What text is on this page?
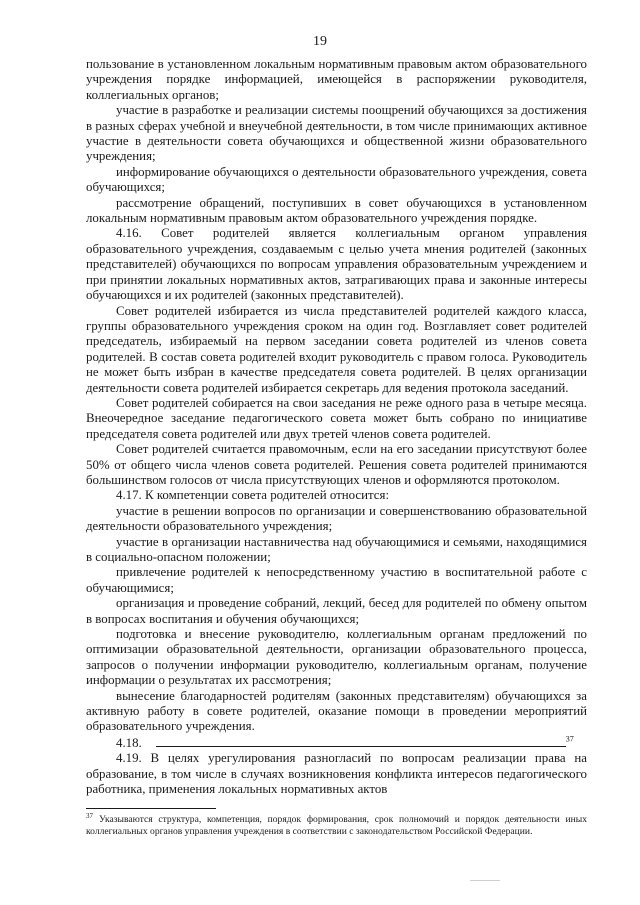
19

пользование в установленном локальным нормативным правовым актом образовательного учреждения порядке информацией, имеющейся в распоряжении руководителя, коллегиальных органов;

участие в разработке и реализации системы поощрений обучающихся за достижения в разных сферах учебной и внеучебной деятельности, в том числе принимающих активное участие в деятельности совета обучающихся и общественной жизни образовательного учреждения;

информирование обучающихся о деятельности образовательного учреждения, совета обучающихся;

рассмотрение обращений, поступивших в совет обучающихся в установленном локальным нормативным правовым актом образовательного учреждения порядке.

4.16. Совет родителей является коллегиальным органом управления образовательного учреждения, создаваемым с целью учета мнения родителей (законных представителей) обучающихся по вопросам управления образовательным учреждением и при принятии локальных нормативных актов, затрагивающих права и законные интересы обучающихся и их родителей (законных представителей).

Совет родителей избирается из числа представителей родителей каждого класса, группы образовательного учреждения сроком на один год. Возглавляет совет родителей председатель, избираемый на первом заседании совета родителей из членов совета родителей. В состав совета родителей входит руководитель с правом голоса. Руководитель не может быть избран в качестве председателя совета родителей. В целях организации деятельности совета родителей избирается секретарь для ведения протокола заседаний.

Совет родителей собирается на свои заседания не реже одного раза в четыре месяца. Внеочередное заседание педагогического совета может быть собрано по инициативе председателя совета родителей или двух третей членов совета родителей.

Совет родителей считается правомочным, если на его заседании присутствуют более 50% от общего числа членов совета родителей. Решения совета родителей принимаются большинством голосов от числа присутствующих членов и оформляются протоколом.

4.17. К компетенции совета родителей относится:

участие в решении вопросов по организации и совершенствованию образовательной деятельности образовательного учреждения;

участие в организации наставничества над обучающимися и семьями, находящимися в социально-опасном положении;

привлечение родителей к непосредственному участию в воспитательной работе с обучающимися;

организация и проведение собраний, лекций, бесед для родителей по обмену опытом в вопросах воспитания и обучения обучающихся;

подготовка и внесение руководителю, коллегиальным органам предложений по оптимизации образовательной деятельности, организации образовательного процесса, запросов о получении информации руководителю, коллегиальным органам, получение информации о результатах их рассмотрения;

вынесение благодарностей родителям (законных представителям) обучающихся за активную работу в совете родителей, оказание помощи в проведении мероприятий образовательного учреждения.

4.18.	$^{37}$

4.19. В целях урегулирования разногласий по вопросам реализации права на образование, в том числе в случаях возникновения конфликта интересов педагогического работника, применения локальных нормативных актов

$^{37}$ Указываются структура, компетенция, порядок формирования, срок полномочий и порядок деятельности иных коллегиальных органов управления учреждения в соответствии с законодательством Российской Федерации.
